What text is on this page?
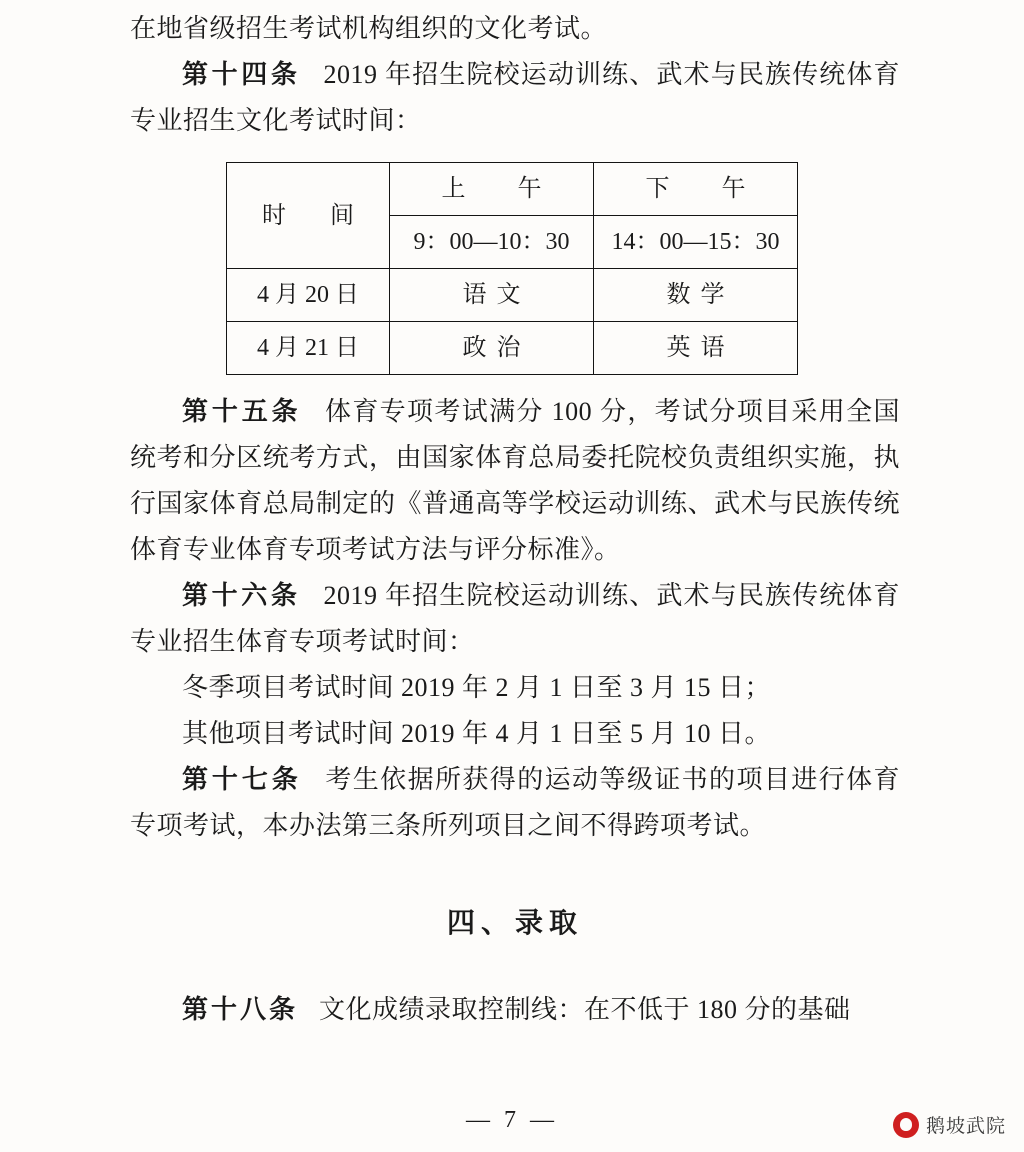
在地省级招生考试机构组织的文化考试。

第十四条 2019 年招生院校运动训练、武术与民族传统体育专业招生文化考试时间：

时　间	上　午	下　午
	9：00—10：30	14：00—15：30
4 月 20 日	语文	数学
4 月 21 日	政治	英语

第十五条 体育专项考试满分 100 分，考试分项目采用全国统考和分区统考方式，由国家体育总局委托院校负责组织实施，执行国家体育总局制定的《普通高等学校运动训练、武术与民族传统体育专业体育专项考试方法与评分标准》。

第十六条 2019 年招生院校运动训练、武术与民族传统体育专业招生体育专项考试时间：

冬季项目考试时间 2019 年 2 月 1 日至 3 月 15 日；

其他项目考试时间 2019 年 4 月 1 日至 5 月 10 日。

第十七条 考生依据所获得的运动等级证书的项目进行体育专项考试，本办法第三条所列项目之间不得跨项考试。

四、录取

第十八条 文化成绩录取控制线：在不低于 180 分的基础

— 7 —	鹅坡武院
